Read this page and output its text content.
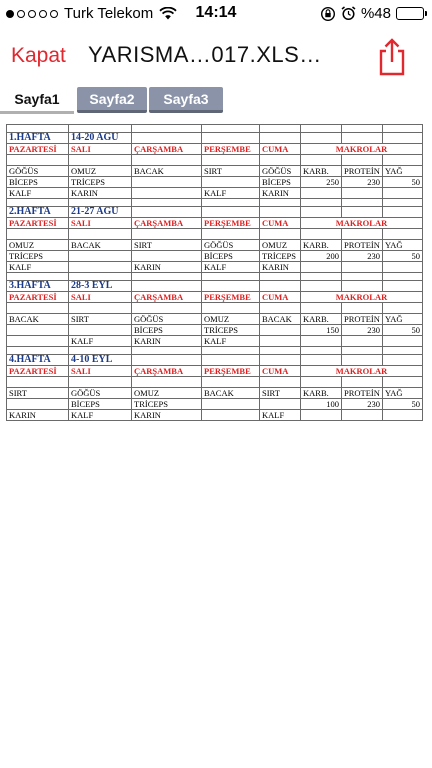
Turk Telekom	14:14	%48
Kapat YARISMA…017.XLS…
Sayfa1	Sayfa2	Sayfa3

1.HAFTA	14-20 AGU						
PAZARTESİ	SALI	ÇARŞAMBA	PERŞEMBE	CUMA	MAKROLAR		

GÖĞÜS	OMUZ	BACAK	SIRT	GÖĞÜS	KARB.	PROTEİN	YAĞ
BİCEPS	TRİCEPS			BİCEPS	250	230	50
KALF	KARIN		KALF	KARIN			

2.HAFTA	21-27 AGU						
PAZARTESİ	SALI	ÇARŞAMBA	PERŞEMBE	CUMA	MAKROLAR		

OMUZ	BACAK	SIRT	GÖĞÜS	OMUZ	KARB.	PROTEİN	YAĞ
TRİCEPS			BİCEPS	TRİCEPS	200	230	50
KALF		KARIN	KALF	KARIN			

3.HAFTA	28-3 EYL						
PAZARTESİ	SALI	ÇARŞAMBA	PERŞEMBE	CUMA	MAKROLAR		

BACAK	SIRT	GÖĞÜS	OMUZ	BACAK	KARB.	PROTEİN	YAĞ
		BİCEPS	TRİCEPS		150	230	50
	KALF	KARIN	KALF				

4.HAFTA	4-10 EYL						
PAZARTESİ	SALI	ÇARŞAMBA	PERŞEMBE	CUMA	MAKROLAR		

SIRT	GÖĞÜS	OMUZ	BACAK	SIRT	KARB.	PROTEİN	YAĞ
	BİCEPS	TRİCEPS			100	230	50
KARIN	KALF	KARIN		KALF			
